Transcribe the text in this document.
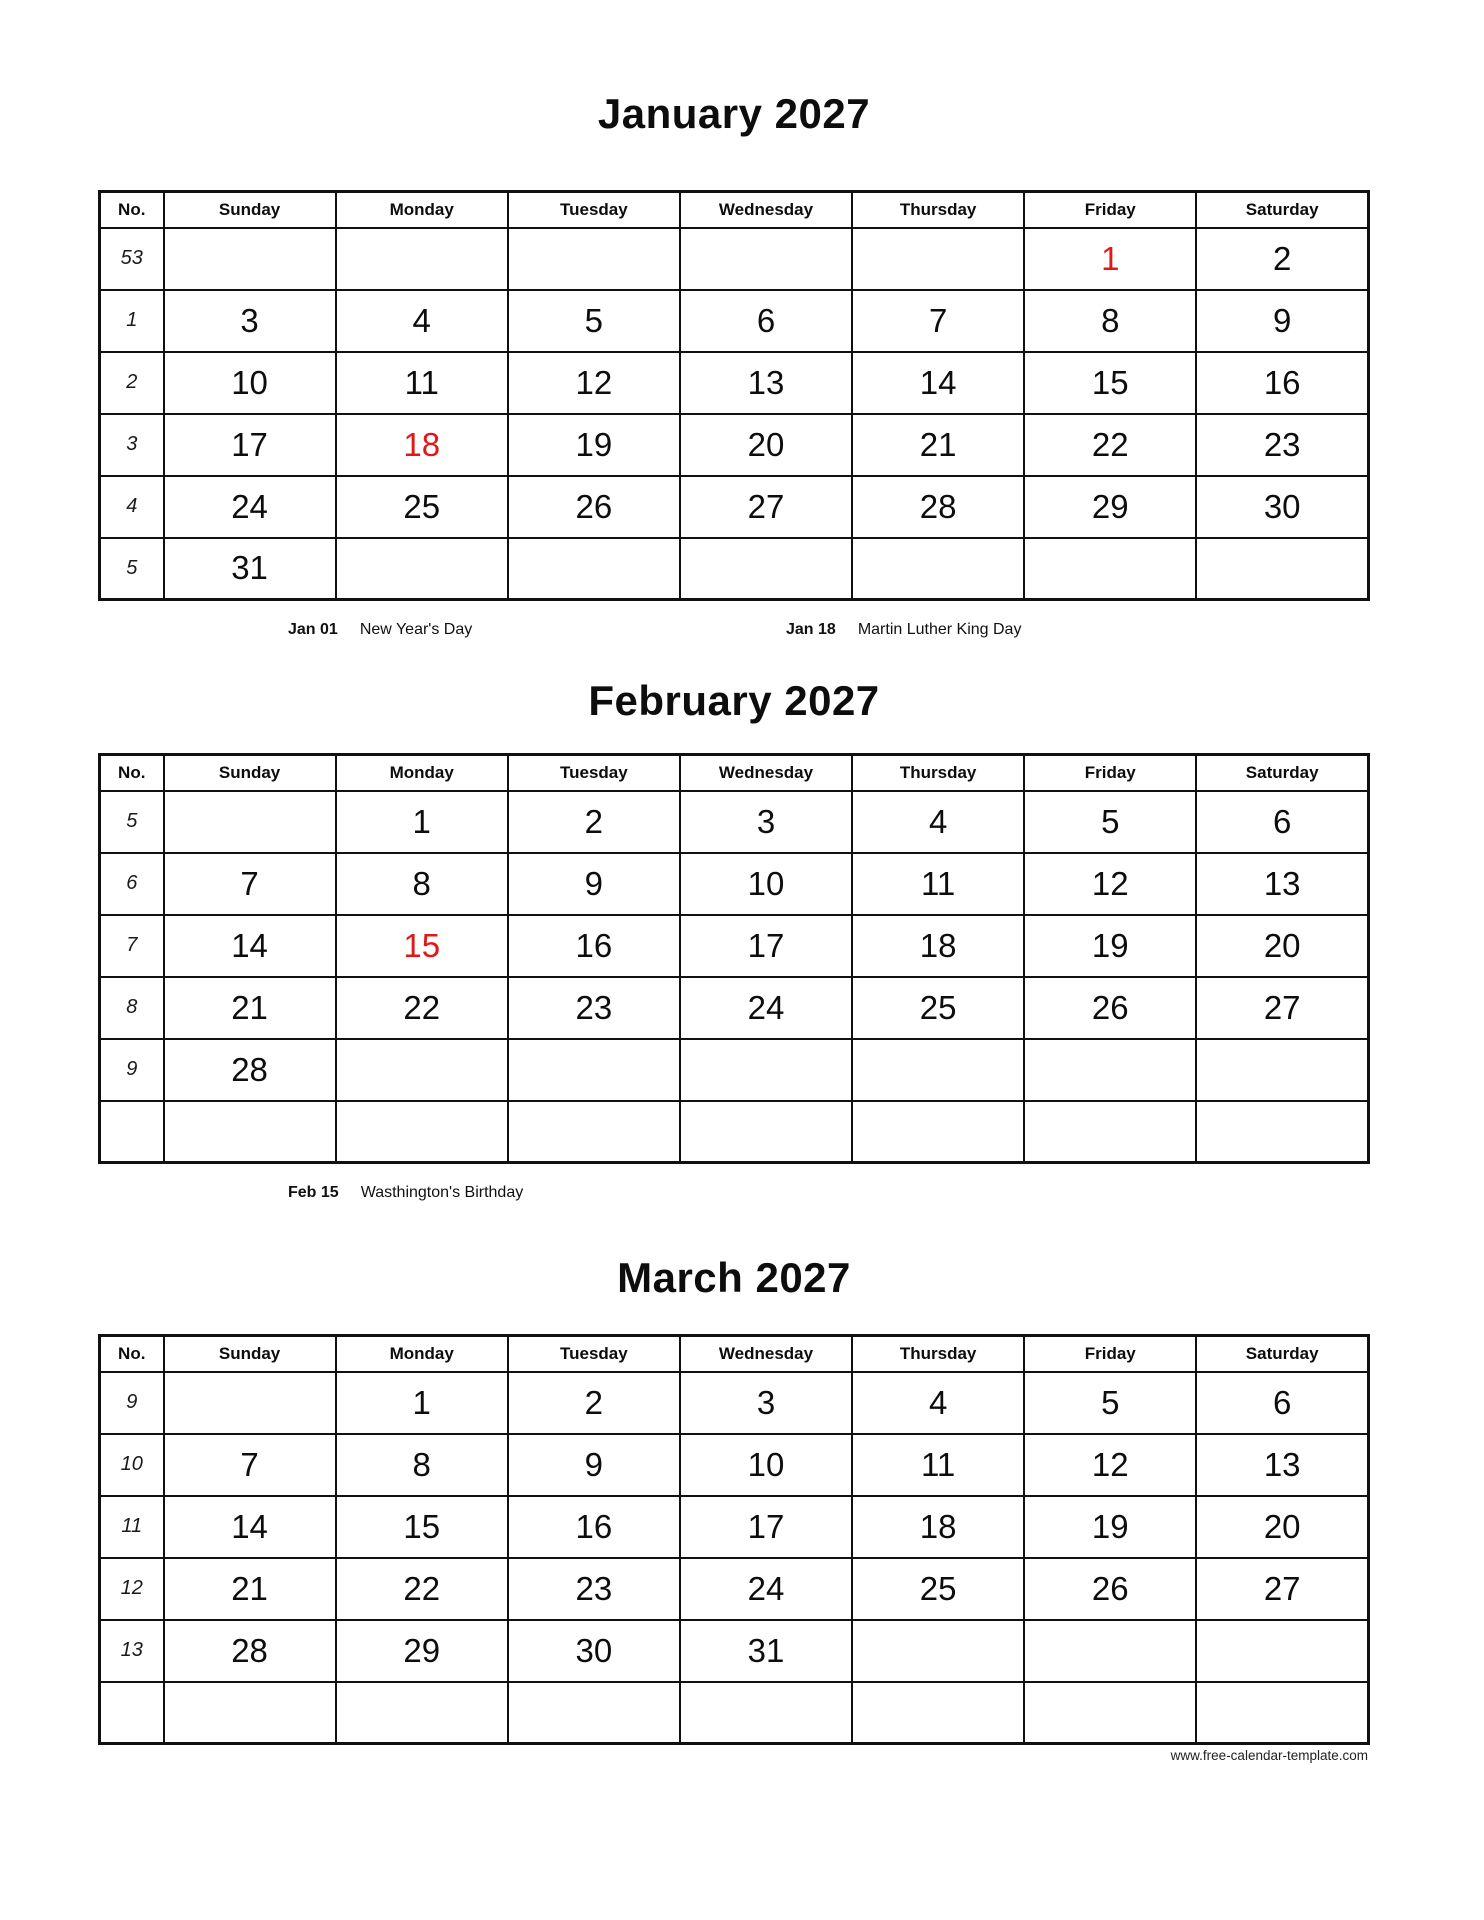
January 2027
No.	Sunday	Monday	Tuesday	Wednesday	Thursday	Friday	Saturday
53						1	2
1	3	4	5	6	7	8	9
2	10	11	12	13	14	15	16
3	17	18	19	20	21	22	23
4	24	25	26	27	28	29	30
5	31						
Jan 01 New Year's Day	Jan 18 Martin Luther King Day
February 2027
No.	Sunday	Monday	Tuesday	Wednesday	Thursday	Friday	Saturday
5		1	2	3	4	5	6
6	7	8	9	10	11	12	13
7	14	15	16	17	18	19	20
8	21	22	23	24	25	26	27
9	28						

Feb 15 Wasthington's Birthday
March 2027
No.	Sunday	Monday	Tuesday	Wednesday	Thursday	Friday	Saturday
9		1	2	3	4	5	6
10	7	8	9	10	11	12	13
11	14	15	16	17	18	19	20
12	21	22	23	24	25	26	27
13	28	29	30	31			

www.free-calendar-template.com
